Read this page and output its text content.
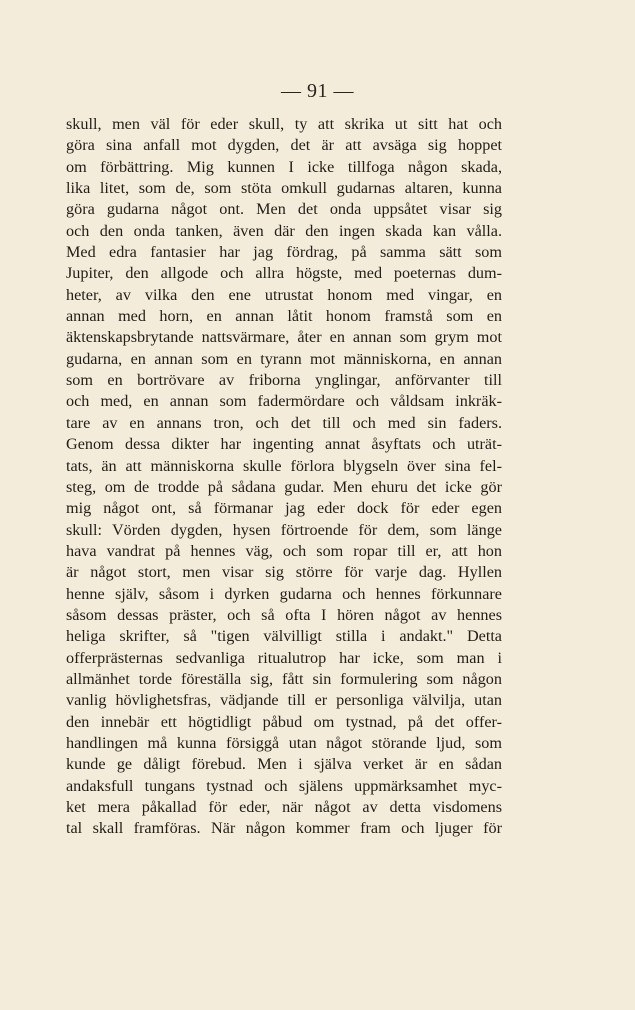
— 91 —
skull, men väl för eder skull, ty att skrika ut sitt hat och
göra sina anfall mot dygden, det är att avsäga sig hoppet
om förbättring. Mig kunnen I icke tillfoga någon skada,
lika litet, som de, som stöta omkull gudarnas altaren, kunna
göra gudarna något ont. Men det onda uppsåtet visar sig
och den onda tanken, även där den ingen skada kan vålla.
Med edra fantasier har jag fördrag, på samma sätt som
Jupiter, den allgode och allra högste, med poeternas dum-
heter, av vilka den ene utrustat honom med vingar, en
annan med horn, en annan låtit honom framstå som en
äktenskapsbrytande nattsvärmare, åter en annan som grym mot
gudarna, en annan som en tyrann mot människorna, en annan
som en bortrövare av friborna ynglingar, anförvanter till
och med, en annan som fadermördare och våldsam inkräk-
tare av en annans tron, och det till och med sin faders.
Genom dessa dikter har ingenting annat åsyftats och uträt-
tats, än att människorna skulle förlora blygseln över sina fel-
steg, om de trodde på sådana gudar. Men ehuru det icke gör
mig något ont, så förmanar jag eder dock för eder egen
skull: Vörden dygden, hysen förtroende för dem, som länge
hava vandrat på hennes väg, och som ropar till er, att hon
är något stort, men visar sig större för varje dag. Hyllen
henne själv, såsom i dyrken gudarna och hennes förkunnare
såsom dessas präster, och så ofta I hören något av hennes
heliga skrifter, så "tigen välvilligt stilla i andakt." Detta
offerprästernas sedvanliga ritualutrop har icke, som man i
allmänhet torde föreställa sig, fått sin formulering som någon
vanlig hövlighetsfras, vädjande till er personliga välvilja, utan
den innebär ett högtidligt påbud om tystnad, på det offer-
handlingen må kunna försiggå utan något störande ljud, som
kunde ge dåligt förebud. Men i själva verket är en sådan
andaksfull tungans tystnad och själens uppmärksamhet myc-
ket mera påkallad för eder, när något av detta visdomens
tal skall framföras. När någon kommer fram och ljuger för
